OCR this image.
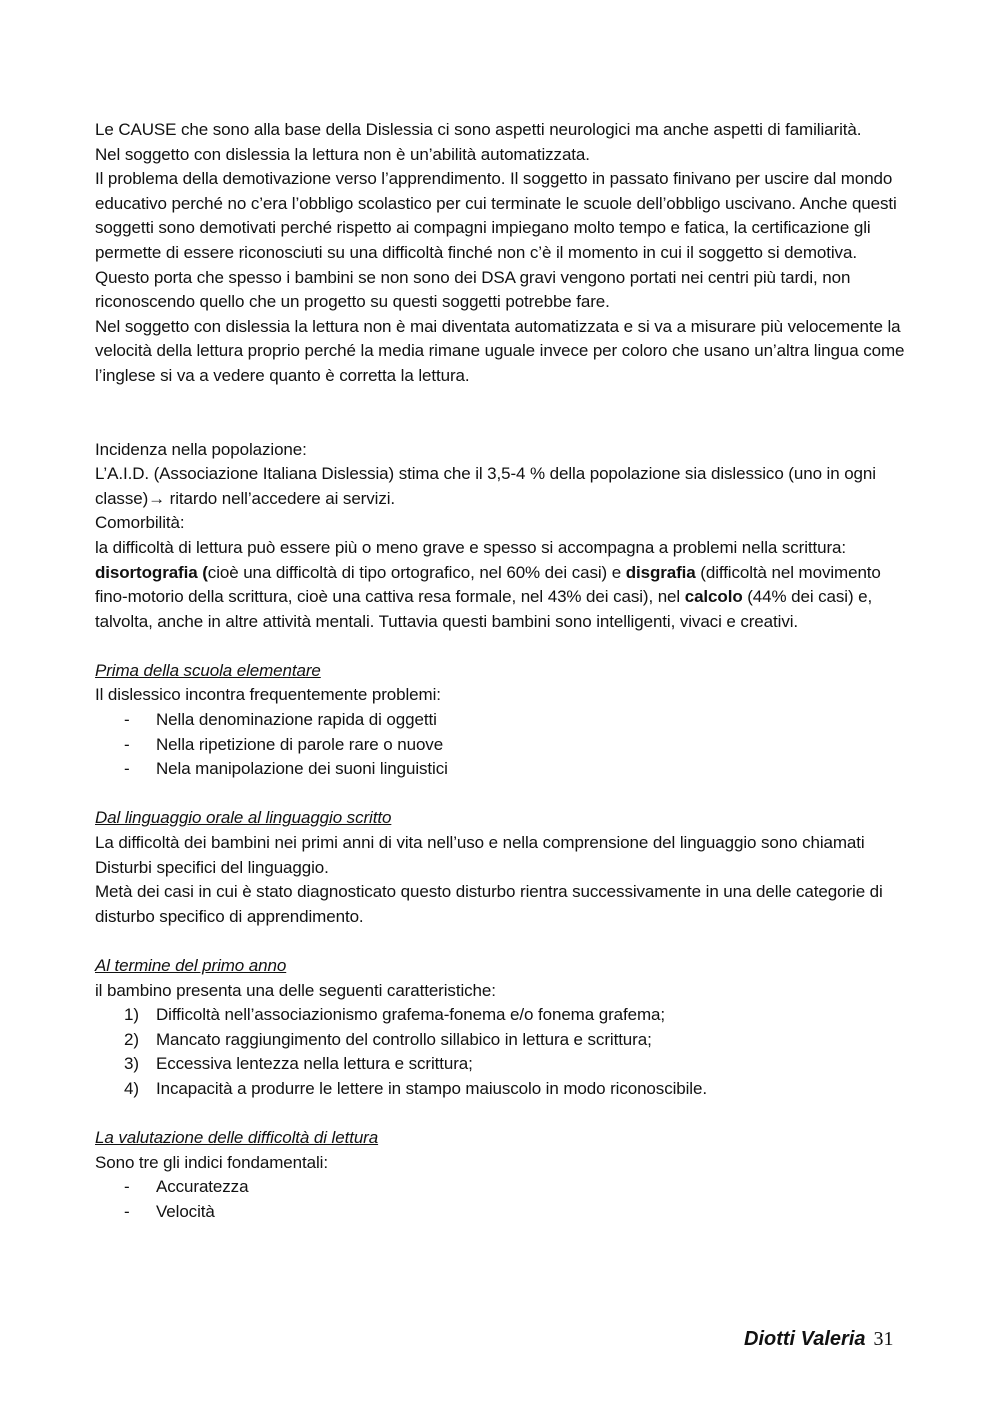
Le CAUSE che sono alla base della Dislessia ci sono aspetti neurologici ma anche aspetti di familiarità.

Nel soggetto con dislessia la lettura non è un’abilità automatizzata.

Il problema della demotivazione verso l’apprendimento. Il soggetto in passato finivano per uscire dal mondo educativo perché no c’era l’obbligo scolastico per cui terminate le scuole dell’obbligo uscivano. Anche questi soggetti sono demotivati perché rispetto ai compagni impiegano molto tempo e fatica, la certificazione gli permette di essere riconosciuti su una difficoltà finché non c’è il momento in cui il soggetto si demotiva.

Questo porta che spesso i bambini se non sono dei DSA gravi vengono portati nei centri più tardi, non riconoscendo quello che un progetto su questi soggetti potrebbe fare.

Nel soggetto con dislessia la lettura non è mai diventata automatizzata e si va a misurare più velocemente la velocità della lettura proprio perché la media rimane uguale invece per coloro che usano un’altra lingua come l’inglese si va a vedere quanto è corretta la lettura.

Incidenza nella popolazione:

L’A.I.D. (Associazione Italiana Dislessia) stima che il 3,5-4 % della popolazione sia dislessico (uno in ogni classe)→ ritardo nell’accedere ai servizi.

Comorbilità:

la difficoltà di lettura può essere più o meno grave e spesso si accompagna a problemi nella scrittura: disortografia (cioè una difficoltà di tipo ortografico, nel 60% dei casi) e disgrafia (difficoltà nel movimento fino-motorio della scrittura, cioè una cattiva resa formale, nel 43% dei casi), nel calcolo (44% dei casi) e, talvolta, anche in altre attività mentali. Tuttavia questi bambini sono intelligenti, vivaci e creativi.

Prima della scuola elementare

Il dislessico incontra frequentemente problemi:

- Nella denominazione rapida di oggetti
- Nella ripetizione di parole rare o nuove
- Nela manipolazione dei suoni linguistici

Dal linguaggio orale al linguaggio scritto

La difficoltà dei bambini nei primi anni di vita nell’uso e nella comprensione del linguaggio sono chiamati Disturbi specifici del linguaggio.

Metà dei casi in cui è stato diagnosticato questo disturbo rientra successivamente in una delle categorie di disturbo specifico di apprendimento.

Al termine del primo anno

il bambino presenta una delle seguenti caratteristiche:

1) Difficoltà nell’associazionismo grafema-fonema e/o fonema grafema;
2) Mancato raggiungimento del controllo sillabico in lettura e scrittura;
3) Eccessiva lentezza nella lettura e scrittura;
4) Incapacità a produrre le lettere in stampo maiuscolo in modo riconoscibile.

La valutazione delle difficoltà di lettura

Sono tre gli indici fondamentali:

- Accuratezza
- Velocità
Diotti Valeria 31
